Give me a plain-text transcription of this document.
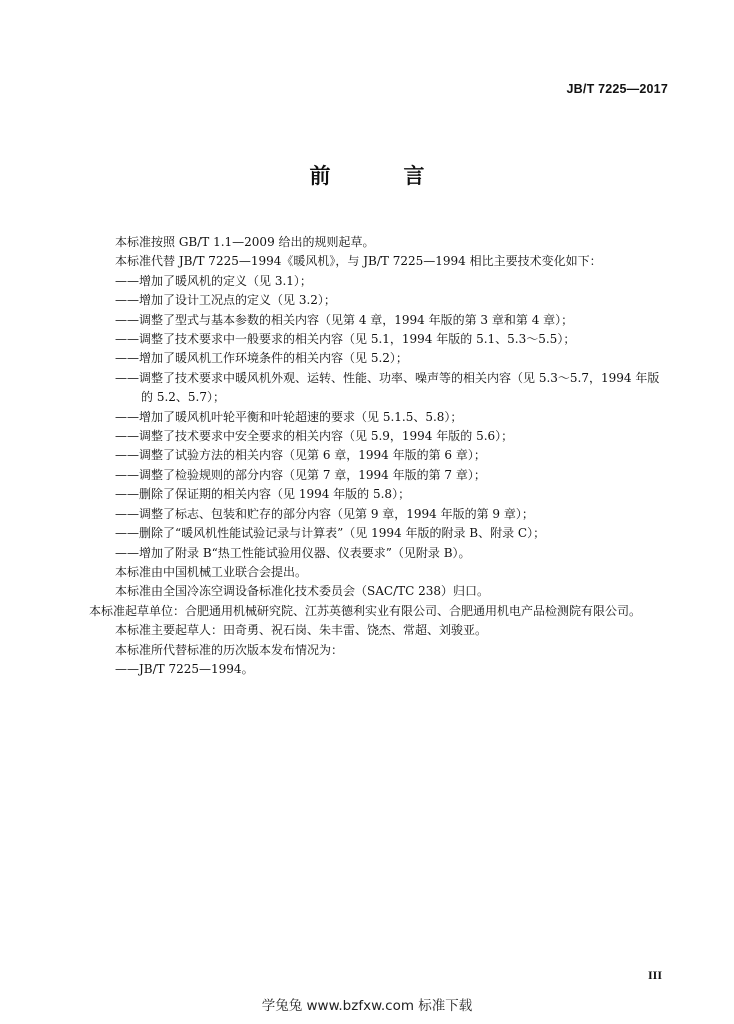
JB/T 7225—2017
前　言

本标准按照 GB/T 1.1—2009 给出的规则起草。

本标准代替 JB/T 7225—1994《暖风机》，与 JB/T 7225—1994 相比主要技术变化如下：

——增加了暖风机的定义（见 3.1）；

——增加了设计工况点的定义（见 3.2）；

——调整了型式与基本参数的相关内容（见第 4 章，1994 年版的第 3 章和第 4 章）；

——调整了技术要求中一般要求的相关内容（见 5.1，1994 年版的 5.1、5.3～5.5）；

——增加了暖风机工作环境条件的相关内容（见 5.2）；

——调整了技术要求中暖风机外观、运转、性能、功率、噪声等的相关内容（见 5.3～5.7，1994 年版的 5.2、5.7）；

——增加了暖风机叶轮平衡和叶轮超速的要求（见 5.1.5、5.8）；

——调整了技术要求中安全要求的相关内容（见 5.9，1994 年版的 5.6）；

——调整了试验方法的相关内容（见第 6 章，1994 年版的第 6 章）；

——调整了检验规则的部分内容（见第 7 章，1994 年版的第 7 章）；

——删除了保证期的相关内容（见 1994 年版的 5.8）；

——调整了标志、包装和贮存的部分内容（见第 9 章，1994 年版的第 9 章）；

——删除了“暖风机性能试验记录与计算表”（见 1994 年版的附录 B、附录 C）；

——增加了附录 B“热工性能试验用仪器、仪表要求”（见附录 B）。

本标准由中国机械工业联合会提出。

本标准由全国冷冻空调设备标准化技术委员会（SAC/TC 238）归口。

本标准起草单位：合肥通用机械研究院、江苏英德利实业有限公司、合肥通用机电产品检测院有限公司。

本标准主要起草人：田奇勇、祝石岗、朱丰雷、饶杰、常超、刘骏亚。

本标准所代替标准的历次版本发布情况为：

——JB/T 7225—1994。

III
学兔兔 www.bzfxw.com 标准下载
